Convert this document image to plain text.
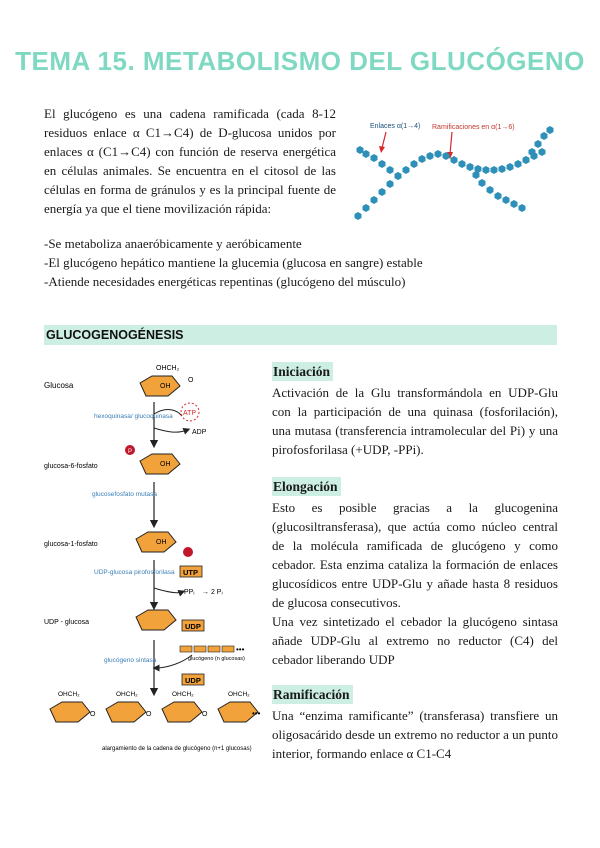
TEMA 15. METABOLISMO DEL GLUCÓGENO
El glucógeno es una cadena ramificada (cada 8-12 residuos enlace α C1→C4) de D-glucosa unidos por enlaces α (C1→C4) con función de reserva energética en células animales. Se encuentra en el citosol de las células en forma de gránulos y es la principal fuente de energía ya que el tiene movilización rápida:
-Se metaboliza anaeróbicamente y aeróbicamente
-El glucógeno hepático mantiene la glucemia (glucosa en sangre) estable
-Atiende necesidades energéticas repentinas (glucógeno del músculo)
Enlaces α(1→4) Ramificaciones en α(1→6)
GLUCOGENOGÉNESIS
Glucosa
OHCH₂
OH
O
ATP
ADP
hexoquinasa/ glucoquinasa
P
OH
glucosa-6-fosfato
glucosefosfato mutasa
OH
glucosa-1-fosfato
UDP-glucosa pirofosforilasa UTP
PPᵢ → 2 Pᵢ
UDP
UDP - glucosa
glucógeno sintasa
•••
glucógeno (n glucosas)
UDP
O	O	O	•••
OHCH₂	OHCH₂	OHCH₂	OHCH₂
alargamiento de la cadena de glucógeno (n+1 glucosas)
Iniciación
Activación de la Glu transformándola en UDP-Glu con la participación de una quinasa (fosforilación), una mutasa (transferencia intramolecular del Pi) y una pirofosforilasa (+UDP, -PPi).
Elongación
Esto es posible gracias a la glucogenina (glucosiltransferasa), que actúa como núcleo central de la molécula ramificada de glucógeno y como cebador. Esta enzima cataliza la formación de enlaces glucosídicos entre UDP-Glu y añade hasta 8 residuos de glucosa consecutivos.
Una vez sintetizado el cebador la glucógeno sintasa añade UDP-Glu al extremo no reductor (C4) del cebador liberando UDP
Ramificación
Una “enzima ramificante” (transferasa) transfiere un oligosacárido desde un extremo no reductor a un punto interior, formando enlace α C1-C4
